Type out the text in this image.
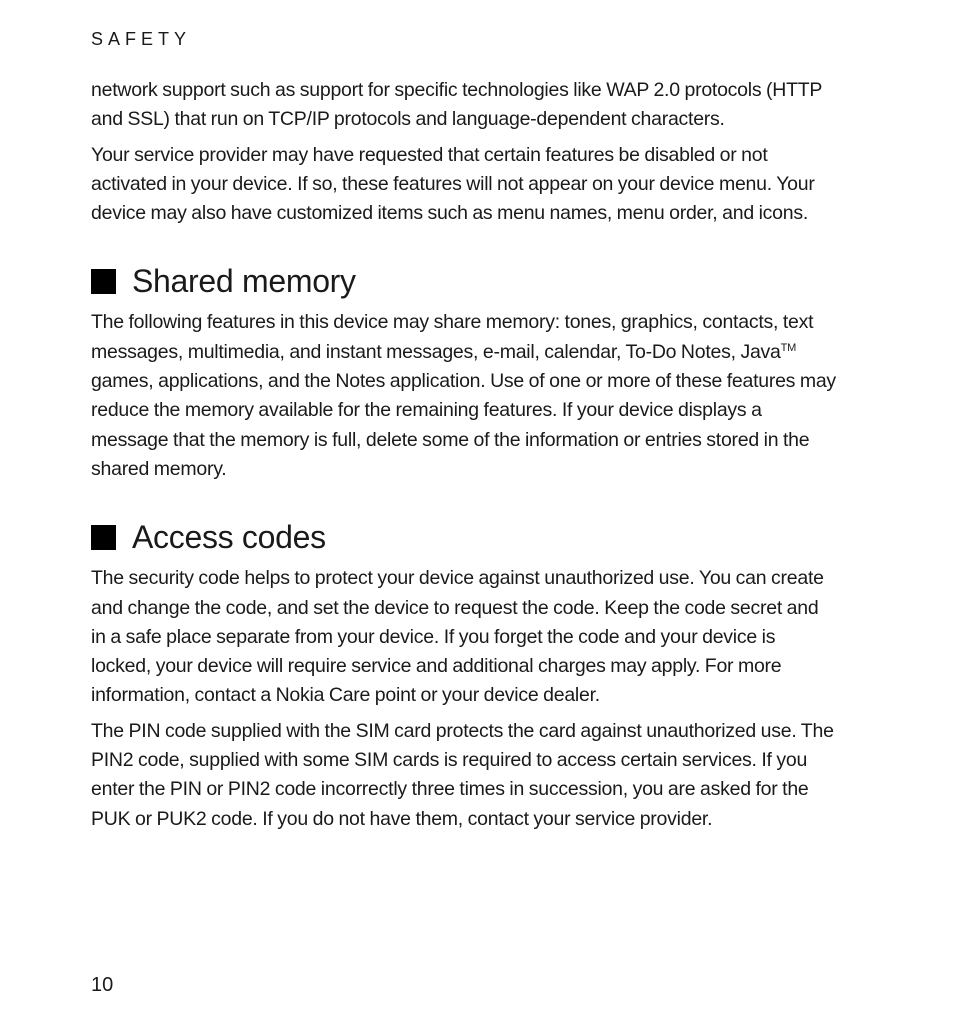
SAFETY

network support such as support for specific technologies like WAP 2.0 protocols (HTTP and SSL) that run on TCP/IP protocols and language-dependent characters.

Your service provider may have requested that certain features be disabled or not activated in your device. If so, these features will not appear on your device menu. Your device may also have customized items such as menu names, menu order, and icons.

Shared memory

The following features in this device may share memory: tones, graphics, contacts, text messages, multimedia, and instant messages, e-mail, calendar, To-Do Notes, Java™ games, applications, and the Notes application. Use of one or more of these features may reduce the memory available for the remaining features. If your device displays a message that the memory is full, delete some of the information or entries stored in the shared memory.

Access codes

The security code helps to protect your device against unauthorized use. You can create and change the code, and set the device to request the code. Keep the code secret and in a safe place separate from your device. If you forget the code and your device is locked, your device will require service and additional charges may apply. For more information, contact a Nokia Care point or your device dealer.

The PIN code supplied with the SIM card protects the card against unauthorized use. The PIN2 code, supplied with some SIM cards is required to access certain services. If you enter the PIN or PIN2 code incorrectly three times in succession, you are asked for the PUK or PUK2 code. If you do not have them, contact your service provider.

10
